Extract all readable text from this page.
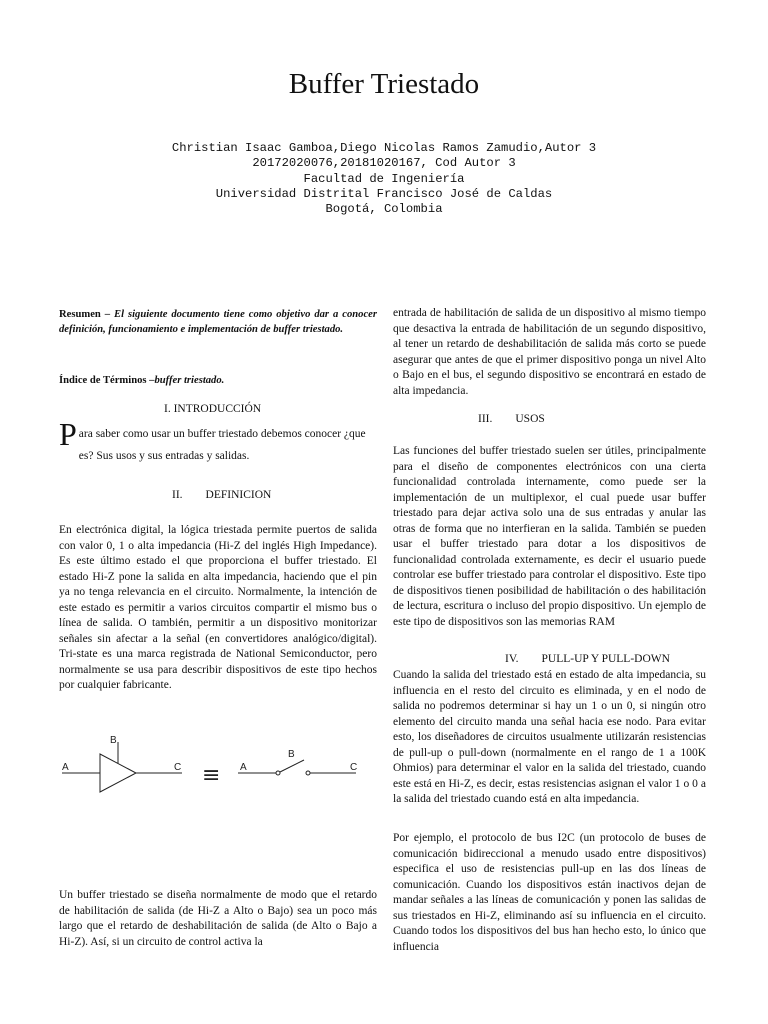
Buffer Triestado
Christian Isaac Gamboa,Diego Nicolas Ramos Zamudio,Autor 3
20172020076,20181020167, Cod Autor 3
Facultad de Ingeniería
Universidad Distrital Francisco José de Caldas
Bogotá, Colombia
Resumen – El siguiente documento tiene como objetivo dar a conocer definición, funcionamiento e implementación de buffer triestado.
Índice de Términos –buffer triestado.
I. INTRODUCCIÓN
Para saber como usar un buffer triestado debemos conocer ¿que es? Sus usos y sus entradas y salidas.
II.        DEFINICION

En electrónica digital, la lógica triestada permite puertos de salida con valor 0, 1 o alta impedancia (Hi-Z del inglés High Impedance). Es este último estado el que proporciona el buffer triestado. El estado Hi-Z pone la salida en alta impedancia, haciendo que el pin ya no tenga relevancia en el circuito. Normalmente, la intención de este estado es permitir a varios circuitos compartir el mismo bus o línea de salida. O también, permitir a un dispositivo monitorizar señales sin afectar a la señal (en convertidores analógico/digital). Tri-state es una marca registrada de National Semiconductor, pero normalmente se usa para describir dispositivos de este tipo hechos por cualquier fabricante.

A
B
C ≡ A
B
C

Un buffer triestado se diseña normalmente de modo que el retardo de habilitación de salida (de Hi-Z a Alto o Bajo) sea un poco más largo que el retardo de deshabilitación de salida (de Alto o Bajo a Hi-Z). Así, si un circuito de control activa la

entrada de habilitación de salida de un dispositivo al mismo tiempo que desactiva la entrada de habilitación de un segundo dispositivo, al tener un retardo de deshabilitación de salida más corto se puede asegurar que antes de que el primer dispositivo ponga un nivel Alto o Bajo en el bus, el segundo dispositivo se encontrará en estado de alta impedancia.

III.        USOS

Las funciones del buffer triestado suelen ser útiles, principalmente para el diseño de componentes electrónicos con una cierta funcionalidad controlada internamente, como puede ser la implementación de un multiplexor, el cual puede usar buffer triestado para dejar activa solo una de sus entradas y anular las otras de forma que no interfieran en la salida. También se pueden usar el buffer triestado para dotar a los dispositivos de funcionalidad controlada externamente, es decir el usuario puede controlar ese buffer triestado para controlar el dispositivo. Este tipo de dispositivos tienen posibilidad de habilitación o des habilitación de lectura, escritura o incluso del propio dispositivo. Un ejemplo de este tipo de dispositivos son las memorias RAM

IV.        PULL-UP Y PULL-DOWN

Cuando la salida del triestado está en estado de alta impedancia, su influencia en el resto del circuito es eliminada, y en el nodo de salida no podremos determinar si hay un 1 o un 0, si ningún otro elemento del circuito manda una señal hacia ese nodo. Para evitar esto, los diseñadores de circuitos usualmente utilizarán resistencias de pull-up o pull-down (normalmente en el rango de 1 a 100K Ohmios) para determinar el valor en la salida del triestado, cuando este está en Hi-Z, es decir, estas resistencias asignan el valor 1 o 0 a la salida del triestado cuando está en alta impedancia.

Por ejemplo, el protocolo de bus I2C (un protocolo de buses de comunicación bidireccional a menudo usado entre dispositivos) especifica el uso de resistencias pull-up en las dos líneas de comunicación. Cuando los dispositivos están inactivos dejan de mandar señales a las líneas de comunicación y ponen las salidas de sus triestados en Hi-Z, eliminando así su influencia en el circuito. Cuando todos los dispositivos del bus han hecho esto, lo único que influencia
